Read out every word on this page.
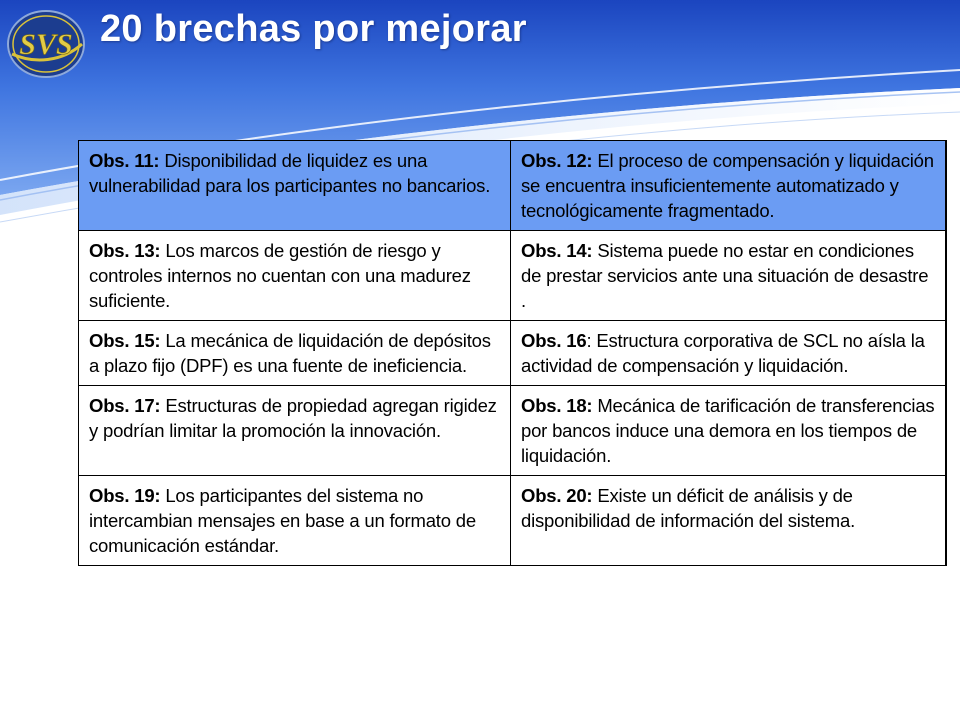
SVS 20 brechas por mejorar
Obs. 11: Disponibilidad de liquidez es una vulnerabilidad para los participantes no bancarios.	Obs. 12: El proceso de compensación y liquidación se encuentra insuficientemente automatizado y tecnológicamente fragmentado.
Obs. 13: Los marcos de gestión de riesgo y controles internos no cuentan con una madurez suficiente.	Obs. 14: Sistema puede no estar en condiciones de prestar servicios ante una situación de desastre .
Obs. 15: La mecánica de liquidación de depósitos a plazo fijo (DPF) es una fuente de ineficiencia.	Obs. 16: Estructura corporativa de SCL no aísla la actividad de compensación y liquidación.
Obs. 17: Estructuras de propiedad agregan rigidez y podrían limitar la promoción la innovación.	Obs. 18: Mecánica de tarificación de transferencias por bancos induce una demora en los tiempos de liquidación.
Obs. 19: Los participantes del sistema no intercambian mensajes en base a un formato de comunicación estándar.	Obs. 20: Existe un déficit de análisis y de disponibilidad de información del sistema.
